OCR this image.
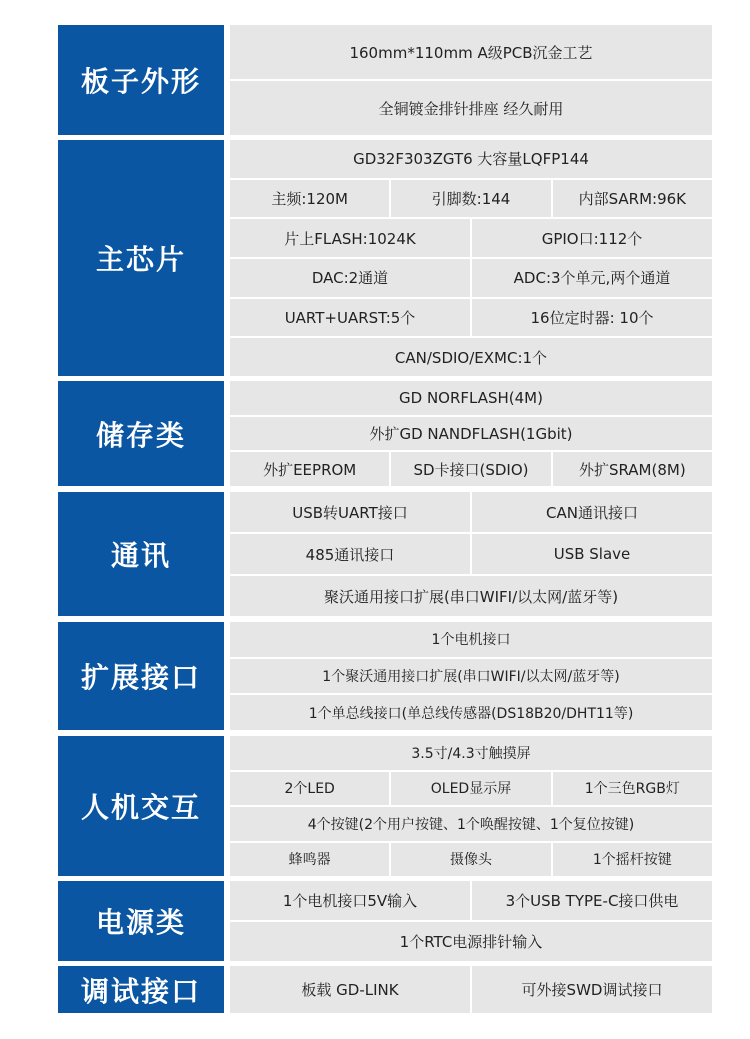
板子外形
160mm*110mm A级PCB沉金工艺
全铜镀金排针排座 经久耐用
主芯片
GD32F303ZGT6 大容量LQFP144
主频:120M	引脚数:144	内部SARM:96K
片上FLASH:1024K	GPIO口:112个
DAC:2通道	ADC:3个单元,两个通道
UART+UARST:5个	16位定时器: 10个
CAN/SDIO/EXMC:1个
储存类
GD NORFLASH(4M)
外扩GD NANDFLASH(1Gbit)
外扩EEPROM	SD卡接口(SDIO)	外扩SRAM(8M)
通讯
USB转UART接口	CAN通讯接口
485通讯接口	USB Slave
聚沃通用接口扩展(串口WIFI/以太网/蓝牙等)
扩展接口
1个电机接口
1个聚沃通用接口扩展(串口WIFI/以太网/蓝牙等)
1个单总线接口(单总线传感器(DS18B20/DHT11等)
人机交互
3.5寸/4.3寸触摸屏
2个LED	OLED显示屏	1个三色RGB灯
4个按键(2个用户按键、1个唤醒按键、1个复位按键)
蜂鸣器	摄像头	1个摇杆按键
电源类
1个电机接口5V输入	3个USB TYPE-C接口供电
1个RTC电源排针输入
调试接口	板载 GD-LINK	可外接SWD调试接口
